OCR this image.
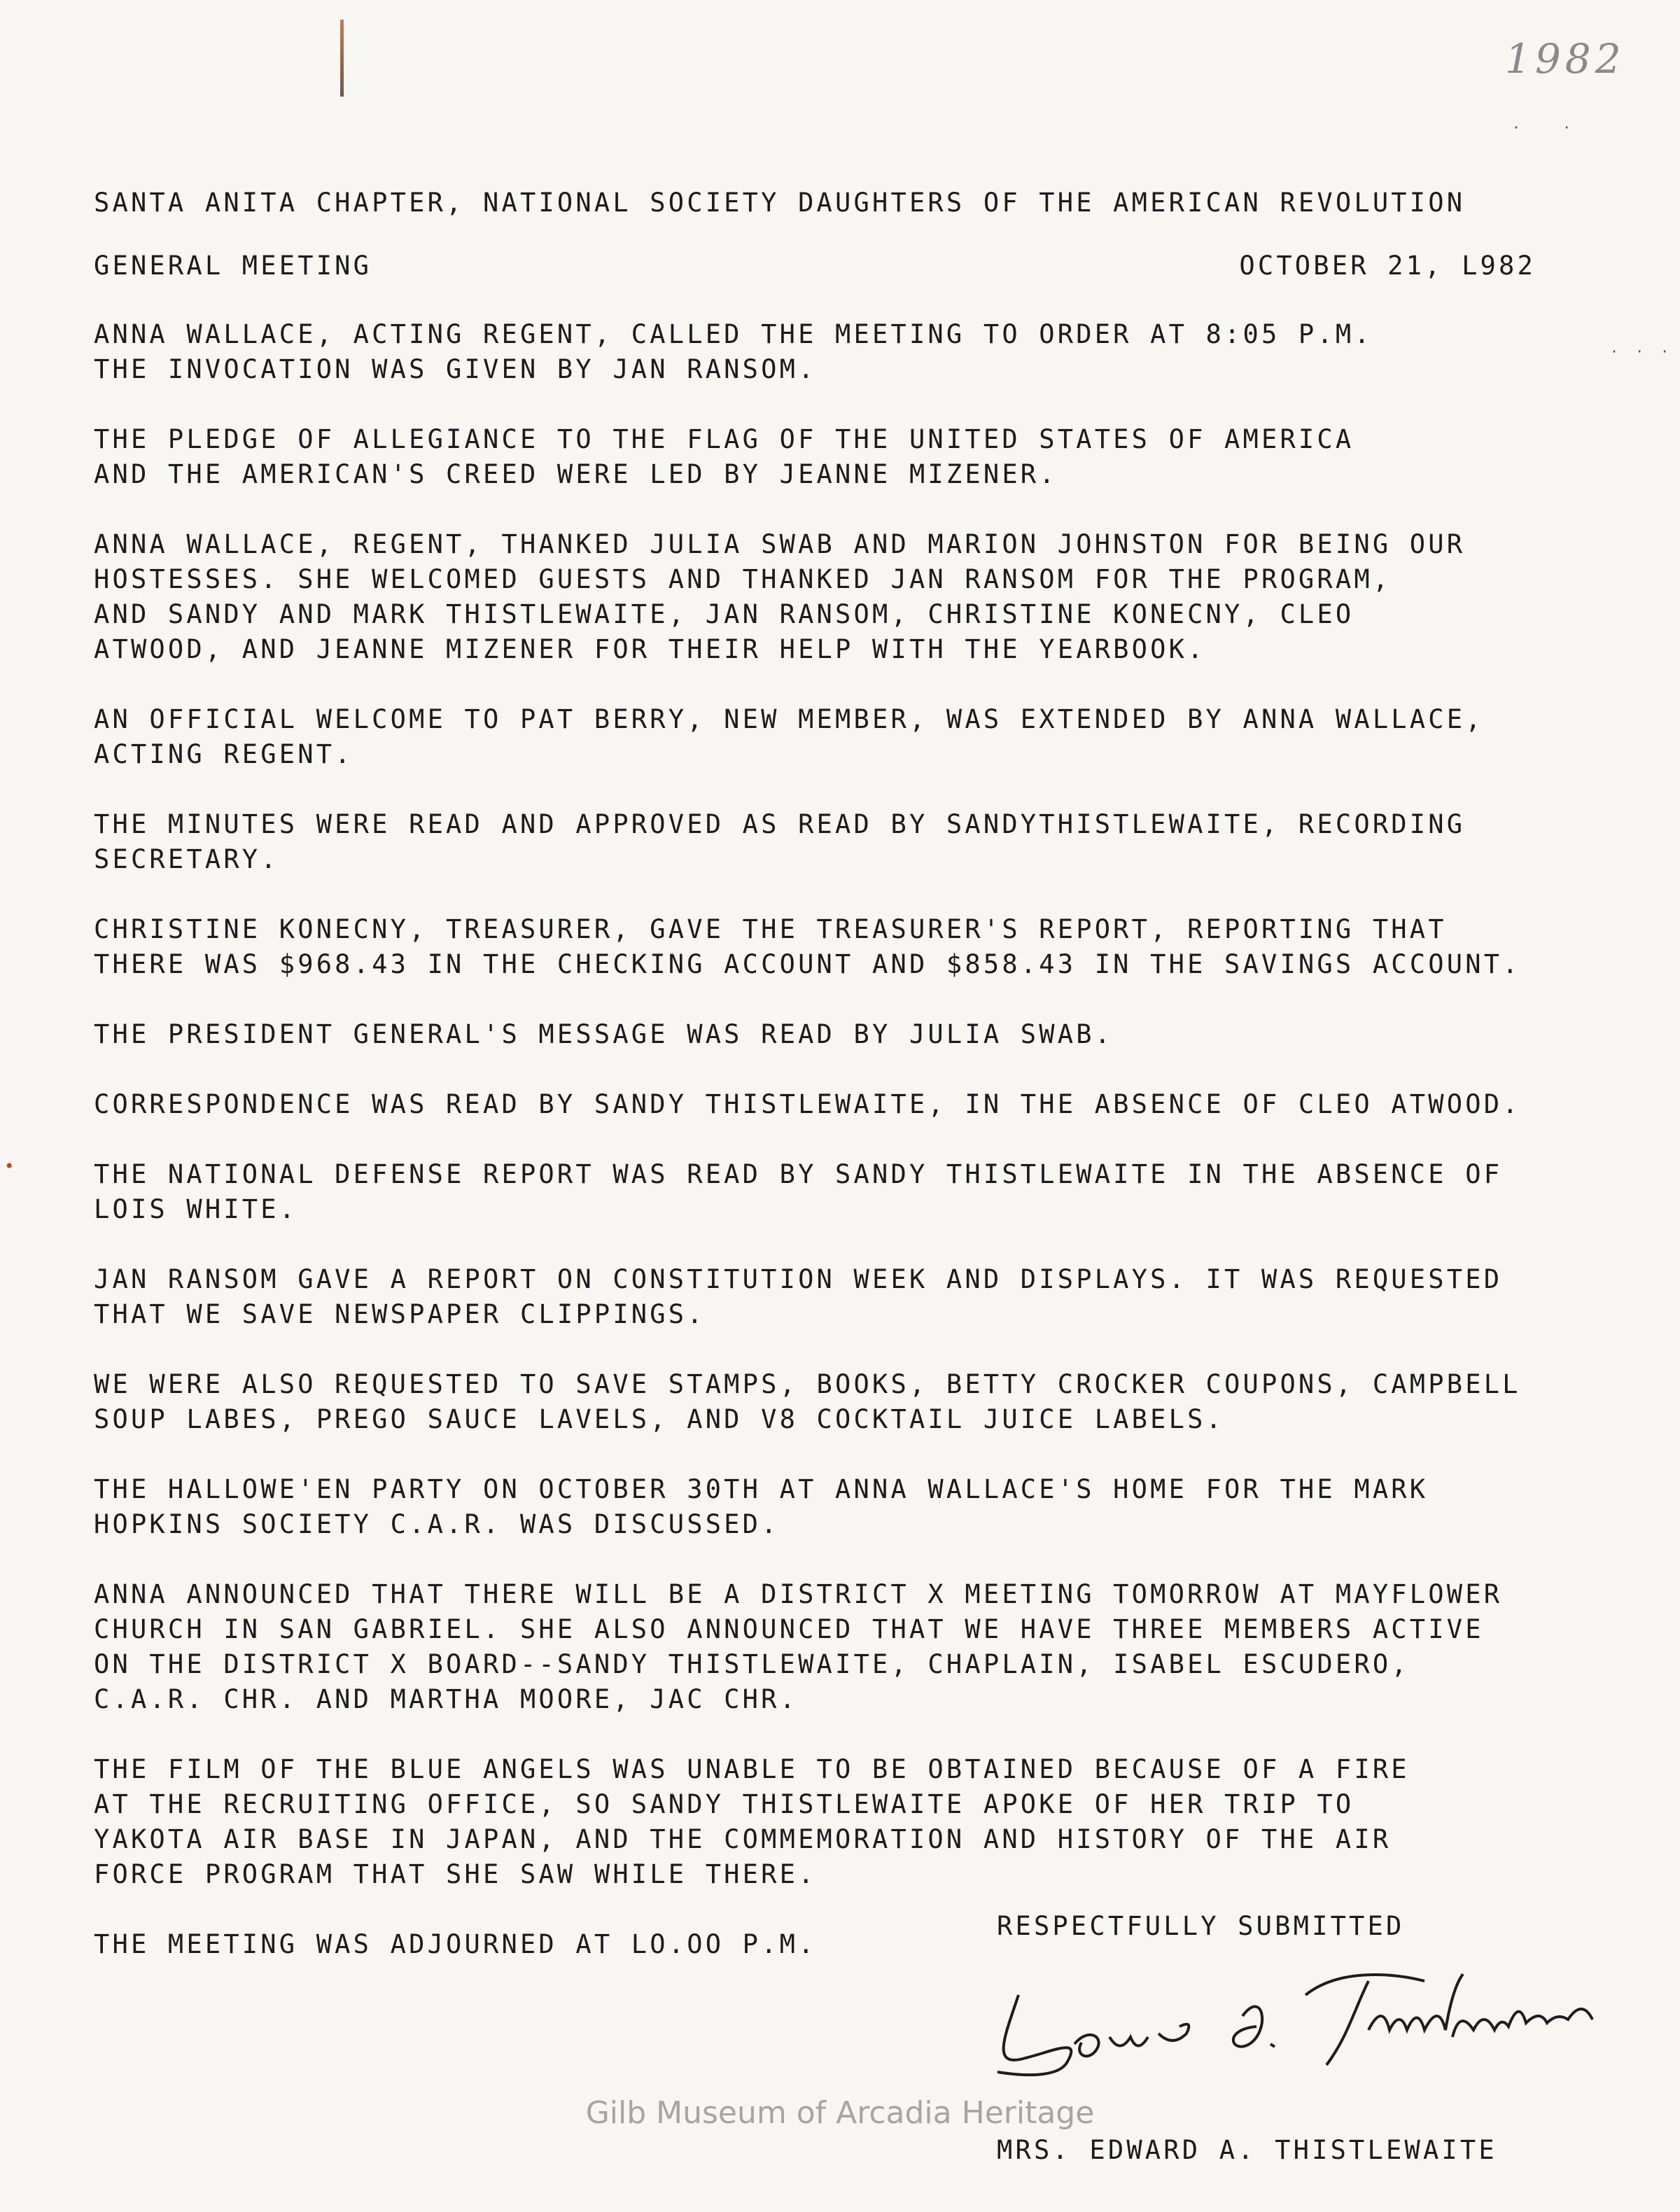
1982
·   ·
· · ·
•
SANTA ANITA CHAPTER, NATIONAL SOCIETY DAUGHTERS OF THE AMERICAN REVOLUTION
GENERAL MEETING	OCTOBER 21, L982
ANNA WALLACE, ACTING REGENT, CALLED THE MEETING TO ORDER AT 8:05 P.M.
THE INVOCATION WAS GIVEN BY JAN RANSOM.
THE PLEDGE OF ALLEGIANCE TO THE FLAG OF THE UNITED STATES OF AMERICA
AND THE AMERICAN'S CREED WERE LED BY JEANNE MIZENER.
ANNA WALLACE, REGENT, THANKED JULIA SWAB AND MARION JOHNSTON FOR BEING OUR
HOSTESSES. SHE WELCOMED GUESTS AND THANKED JAN RANSOM FOR THE PROGRAM,
AND SANDY AND MARK THISTLEWAITE, JAN RANSOM, CHRISTINE KONECNY, CLEO
ATWOOD, AND JEANNE MIZENER FOR THEIR HELP WITH THE YEARBOOK.
AN OFFICIAL WELCOME TO PAT BERRY, NEW MEMBER, WAS EXTENDED BY ANNA WALLACE,
ACTING REGENT.
THE MINUTES WERE READ AND APPROVED AS READ BY SANDYTHISTLEWAITE, RECORDING
SECRETARY.
CHRISTINE KONECNY, TREASURER, GAVE THE TREASURER'S REPORT, REPORTING THAT
THERE WAS $968.43 IN THE CHECKING ACCOUNT AND $858.43 IN THE SAVINGS ACCOUNT.
THE PRESIDENT GENERAL'S MESSAGE WAS READ BY JULIA SWAB.
CORRESPONDENCE WAS READ BY SANDY THISTLEWAITE, IN THE ABSENCE OF CLEO ATWOOD.
THE NATIONAL DEFENSE REPORT WAS READ BY SANDY THISTLEWAITE IN THE ABSENCE OF
LOIS WHITE.
JAN RANSOM GAVE A REPORT ON CONSTITUTION WEEK AND DISPLAYS. IT WAS REQUESTED
THAT WE SAVE NEWSPAPER CLIPPINGS.
WE WERE ALSO REQUESTED TO SAVE STAMPS, BOOKS, BETTY CROCKER COUPONS, CAMPBELL
SOUP LABES, PREGO SAUCE LAVELS, AND V8 COCKTAIL JUICE LABELS.
THE HALLOWE'EN PARTY ON OCTOBER 30TH AT ANNA WALLACE'S HOME FOR THE MARK
HOPKINS SOCIETY C.A.R. WAS DISCUSSED.
ANNA ANNOUNCED THAT THERE WILL BE A DISTRICT X MEETING TOMORROW AT MAYFLOWER
CHURCH IN SAN GABRIEL. SHE ALSO ANNOUNCED THAT WE HAVE THREE MEMBERS ACTIVE
ON THE DISTRICT X BOARD--SANDY THISTLEWAITE, CHAPLAIN, ISABEL ESCUDERO,
C.A.R. CHR. AND MARTHA MOORE, JAC CHR.
THE FILM OF THE BLUE ANGELS WAS UNABLE TO BE OBTAINED BECAUSE OF A FIRE
AT THE RECRUITING OFFICE, SO SANDY THISTLEWAITE APOKE OF HER TRIP TO
YAKOTA AIR BASE IN JAPAN, AND THE COMMEMORATION AND HISTORY OF THE AIR
FORCE PROGRAM THAT SHE SAW WHILE THERE.
THE MEETING WAS ADJOURNED AT LO.OO P.M.
RESPECTFULLY SUBMITTED
Louise S. Thistlewaite
MRS. EDWARD A. THISTLEWAITE
Gilb Museum of Arcadia Heritage
